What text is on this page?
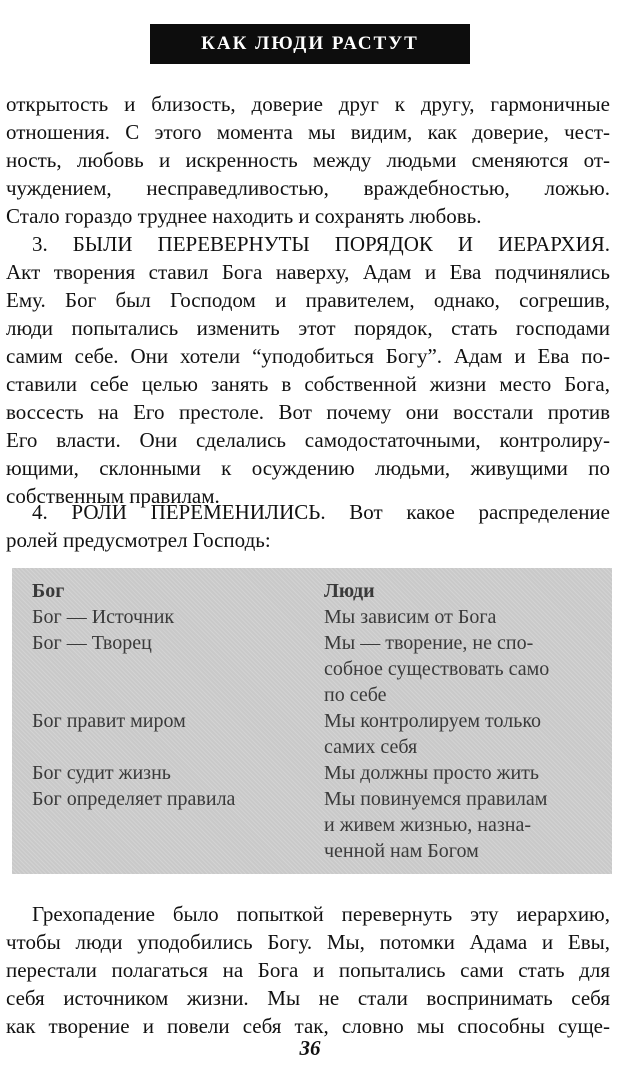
КАК ЛЮДИ РАСТУТ
открытость и близость, доверие друг к другу, гармоничные
отношения. С этого момента мы видим, как доверие, чест-
ность, любовь и искренность между людьми сменяются от-
чуждением, несправедливостью, враждебностью, ложью.
Стало гораздо труднее находить и сохранять любовь.
3. БЫЛИ ПЕРЕВЕРНУТЫ ПОРЯДОК И ИЕРАРХИЯ.
Акт творения ставил Бога наверху, Адам и Ева подчинялись
Ему. Бог был Господом и правителем, однако, согрешив,
люди попытались изменить этот порядок, стать господами
самим себе. Они хотели “уподобиться Богу”. Адам и Ева по-
ставили себе целью занять в собственной жизни место Бога,
воссесть на Его престоле. Вот почему они восстали против
Его власти. Они сделались самодостаточными, контролиру-
ющими, склонными к осуждению людьми, живущими по
собственным правилам.
4. РОЛИ ПЕРЕМЕНИЛИСЬ. Вот какое распределение
ролей предусмотрел Господь:
Бог
Бог — Источник
Бог — Творец

Бог правит миром

Бог судит жизнь
Бог определяет правила
Люди
Мы зависим от Бога
Мы — творение, не спо-
собное существовать само
по себе
Мы контролируем только
самих себя
Мы должны просто жить
Мы повинуемся правилам
и живем жизнью, назна-
ченной нам Богом
Грехопадение было попыткой перевернуть эту иерархию,
чтобы люди уподобились Богу. Мы, потомки Адама и Евы,
перестали полагаться на Бога и попытались сами стать для
себя источником жизни. Мы не стали воспринимать себя
как творение и повели себя так, словно мы способны суще-
36
